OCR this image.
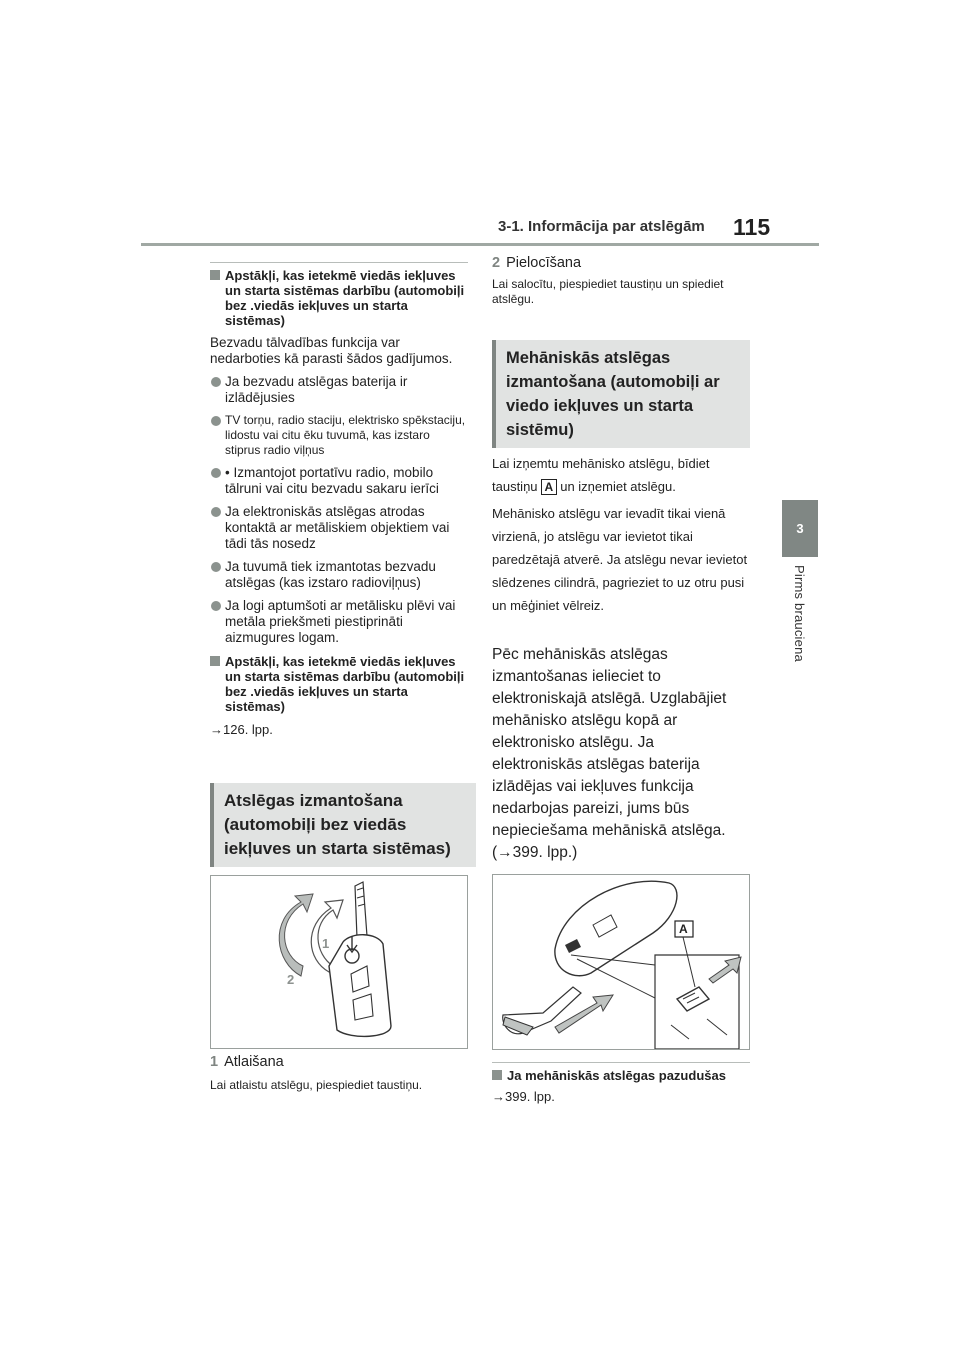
3-1. Informācija par atslēgām 115
3
Pirms brauciena
Apstākļi, kas ietekmē viedās iekļuves un starta sistēmas darbību (automobiļi bez .viedās iekļuves un starta sistēmas)

Bezvadu tālvadības funkcija var nedarboties kā parasti šādos gadījumos.

Ja bezvadu atslēgas baterija ir izlādējusies
TV torņu, radio staciju, elektrisko spēkstaciju, lidostu vai citu ēku tuvumā, kas izstaro stiprus radio viļņus
• Izmantojot portatīvu radio, mobilo tālruni vai citu bezvadu sakaru ierīci
Ja elektroniskās atslēgas atrodas kontaktā ar metāliskiem objektiem vai tādi tās nosedz
Ja tuvumā tiek izmantotas bezvadu atslēgas (kas izstaro radioviļņus)
Ja logi aptumšoti ar metālisku plēvi vai metāla priekšmeti piestiprināti aizmugures logam.
Apstākļi, kas ietekmē viedās iekļuves un starta sistēmas darbību (automobiļi bez .viedās iekļuves un starta sistēmas)
→126. lpp.
Atslēgas izmantošana (automobiļi bez viedās iekļuves un starta sistēmas)
1
2
1 Atlaišana
Lai atlaistu atslēgu, piespiediet taustiņu.
2 Pielocīšana
Lai salocītu, piespiediet taustiņu un spiediet atslēgu.
Mehāniskās atslēgas izmantošana (automobiļi ar viedo iekļuves un starta sistēmu)
Lai izņemtu mehānisko atslēgu, bīdiet taustiņu A un izņemiet atslēgu.
Mehānisko atslēgu var ievadīt tikai vienā virzienā, jo atslēgu var ievietot tikai paredzētajā atverē. Ja atslēgu nevar ievietot slēdzenes cilindrā, pagrieziet to uz otru pusi un mēģiniet vēlreiz.
Pēc mehāniskās atslēgas izmantošanas ielieciet to elektroniskajā atslēgā. Uzglabājiet mehānisko atslēgu kopā ar elektronisko atslēgu. Ja elektroniskās atslēgas baterija izlādējas vai iekļuves funkcija nedarbojas pareizi, jums būs nepieciešama mehāniskā atslēga. (→399. lpp.)
A
Ja mehāniskās atslēgas pazudušas
→399. lpp.
